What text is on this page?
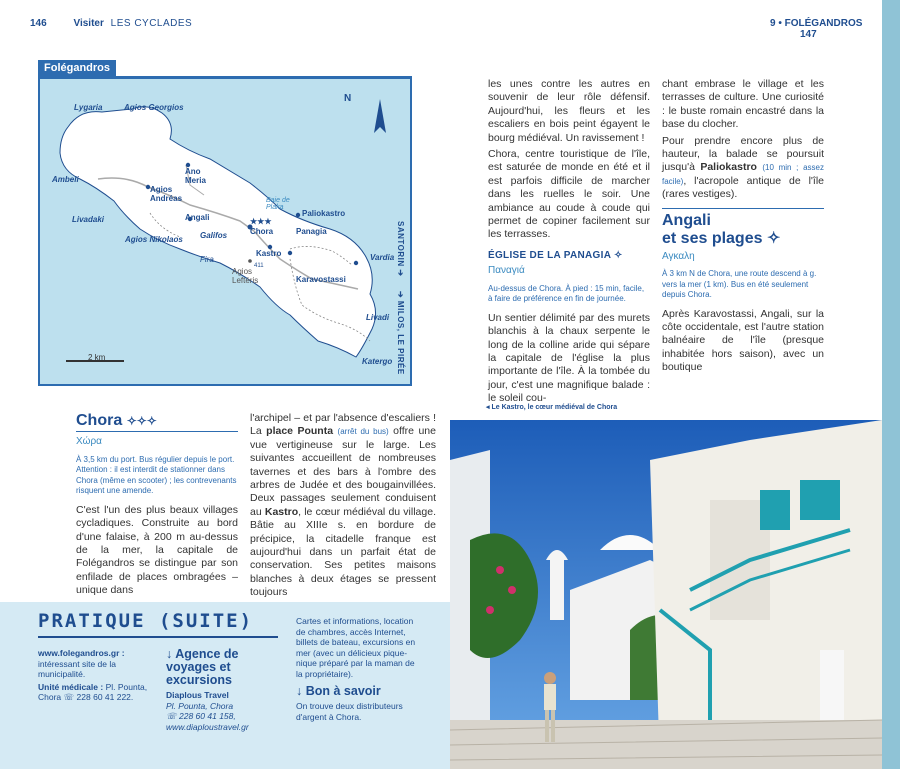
146	Visiter LES CYCLADES	9 • FOLÉGANDROS 147
Folégandros
N
Lygaria	Agios Georgios
Ano Meria
Ambeli
Agios Andréas
Livadaki	Angali
Galifos
Agios Nikolaos
Fira
Baie de Plaka
Paliokastro
★★★
Chora	Panagia
Kastro
411
Agios Leftéris	Karavostassi
Vardia
Livadi
Katergo
SANTORIN ➔
➔ MILOS, LE PIRÉE
2 km
Chora ✧✧✧
Χώρα
À 3,5 km du port. Bus régulier depuis le port. Attention : il est interdit de stationner dans Chora (même en scooter) ; les contrevenants risquent une amende.

C'est l'un des plus beaux villages cycladiques. Construite au bord d'une falaise, à 200 m au-dessus de la mer, la capitale de Folégandros se distingue par son enfilade de places ombragées – unique dans

l'archipel – et par l'absence d'escaliers ! La place Pounta (arrêt du bus) offre une vue vertigineuse sur le large. Les suivantes accueillent de nombreuses tavernes et des bars à l'ombre des arbres de Judée et des bougainvillées. Deux passages seulement conduisent au Kastro, le cœur médiéval du village. Bâtie au XIIIe s. en bordure de précipice, la citadelle franque est aujourd'hui dans un parfait état de conservation. Ses petites maisons blanches à deux étages se pressent toujours

les unes contre les autres en souvenir de leur rôle défensif. Aujourd'hui, les fleurs et les escaliers en bois peint égayent le bourg médiéval. Un ravissement !

Chora, centre touristique de l'île, est saturée de monde en été et il est parfois difficile de marcher dans les ruelles le soir. Une ambiance au coude à coude qui permet de copiner facilement sur les terrasses.

ÉGLISE DE LA PANAGIA ✧
Παναγιά
Au-dessus de Chora. À pied : 15 min, facile, à faire de préférence en fin de journée.

Un sentier délimité par des murets blanchis à la chaux serpente le long de la colline aride qui sépare la capitale de l'église la plus importante de l'île. À la tombée du jour, c'est une magnifique balade : le soleil cou-

chant embrase le village et les terrasses de culture. Une curiosité : le buste romain encastré dans la base du clocher.

Pour prendre encore plus de hauteur, la balade se poursuit jusqu'à Paliokastro (10 min ; assez facile), l'acropole antique de l'île (rares vestiges).

Angali
et ses plages ✧
Αγκαλη
À 3 km N de Chora, une route descend à g. vers la mer (1 km). Bus en été seulement depuis Chora.

Après Karavostassi, Angali, sur la côte occidentale, est l'autre station balnéaire de l'île (presque inhabitée hors saison), avec un boutique

◂ Le Kastro, le cœur médiéval de Chora
PRATIQUE (SUITE)
www.folegandros.gr :
intéressant site de la municipalité.
Unité médicale : Pl. Pounta, Chora ☏ 228 60 41 222.
↓ Agence de voyages et excursions
Diaplous Travel
Pl. Pounta, Chora
☏ 228 60 41 158,
www.diaploustravel.gr
Cartes et informations, location de chambres, accès Internet, billets de bateau, excursions en mer (avec un délicieux pique-nique préparé par la maman de la propriétaire).
↓ Bon à savoir
On trouve deux distributeurs d'argent à Chora.
